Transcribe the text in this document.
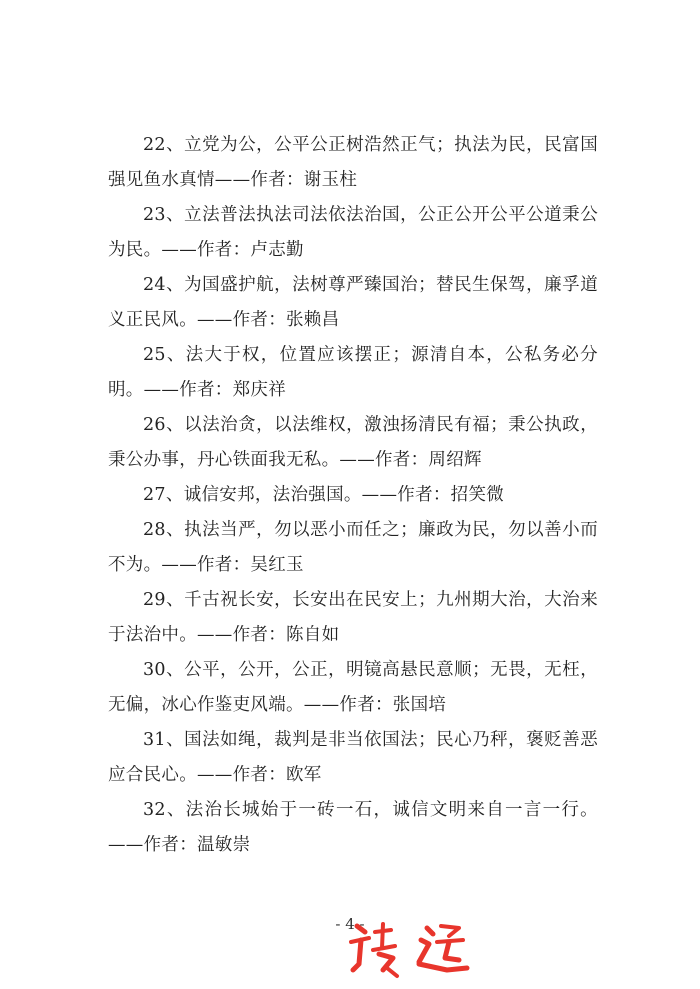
22、立党为公，公平公正树浩然正气；执法为民，民富国强见鱼水真情——作者：谢玉柱

23、立法普法执法司法依法治国，公正公开公平公道秉公为民。——作者：卢志勤

24、为国盛护航，法树尊严臻国治；替民生保驾，廉孚道义正民风。——作者：张赖昌

25、法大于权，位置应该摆正；源清自本，公私务必分明。——作者：郑庆祥

26、以法治贪，以法维权，激浊扬清民有福；秉公执政，秉公办事，丹心铁面我无私。——作者：周绍辉

27、诚信安邦，法治强国。——作者：招笑微

28、执法当严，勿以恶小而任之；廉政为民，勿以善小而不为。——作者：吴红玉

29、千古祝长安，长安出在民安上；九州期大治，大治来于法治中。——作者：陈自如

30、公平，公开，公正，明镜高悬民意顺；无畏，无枉，无偏，冰心作鉴吏风端。——作者：张国培

31、国法如绳，裁判是非当依国法；民心乃秤，褒贬善恶应合民心。——作者：欧军

32、法治长城始于一砖一石，诚信文明来自一言一行。——作者：温敏崇

- 4 -
